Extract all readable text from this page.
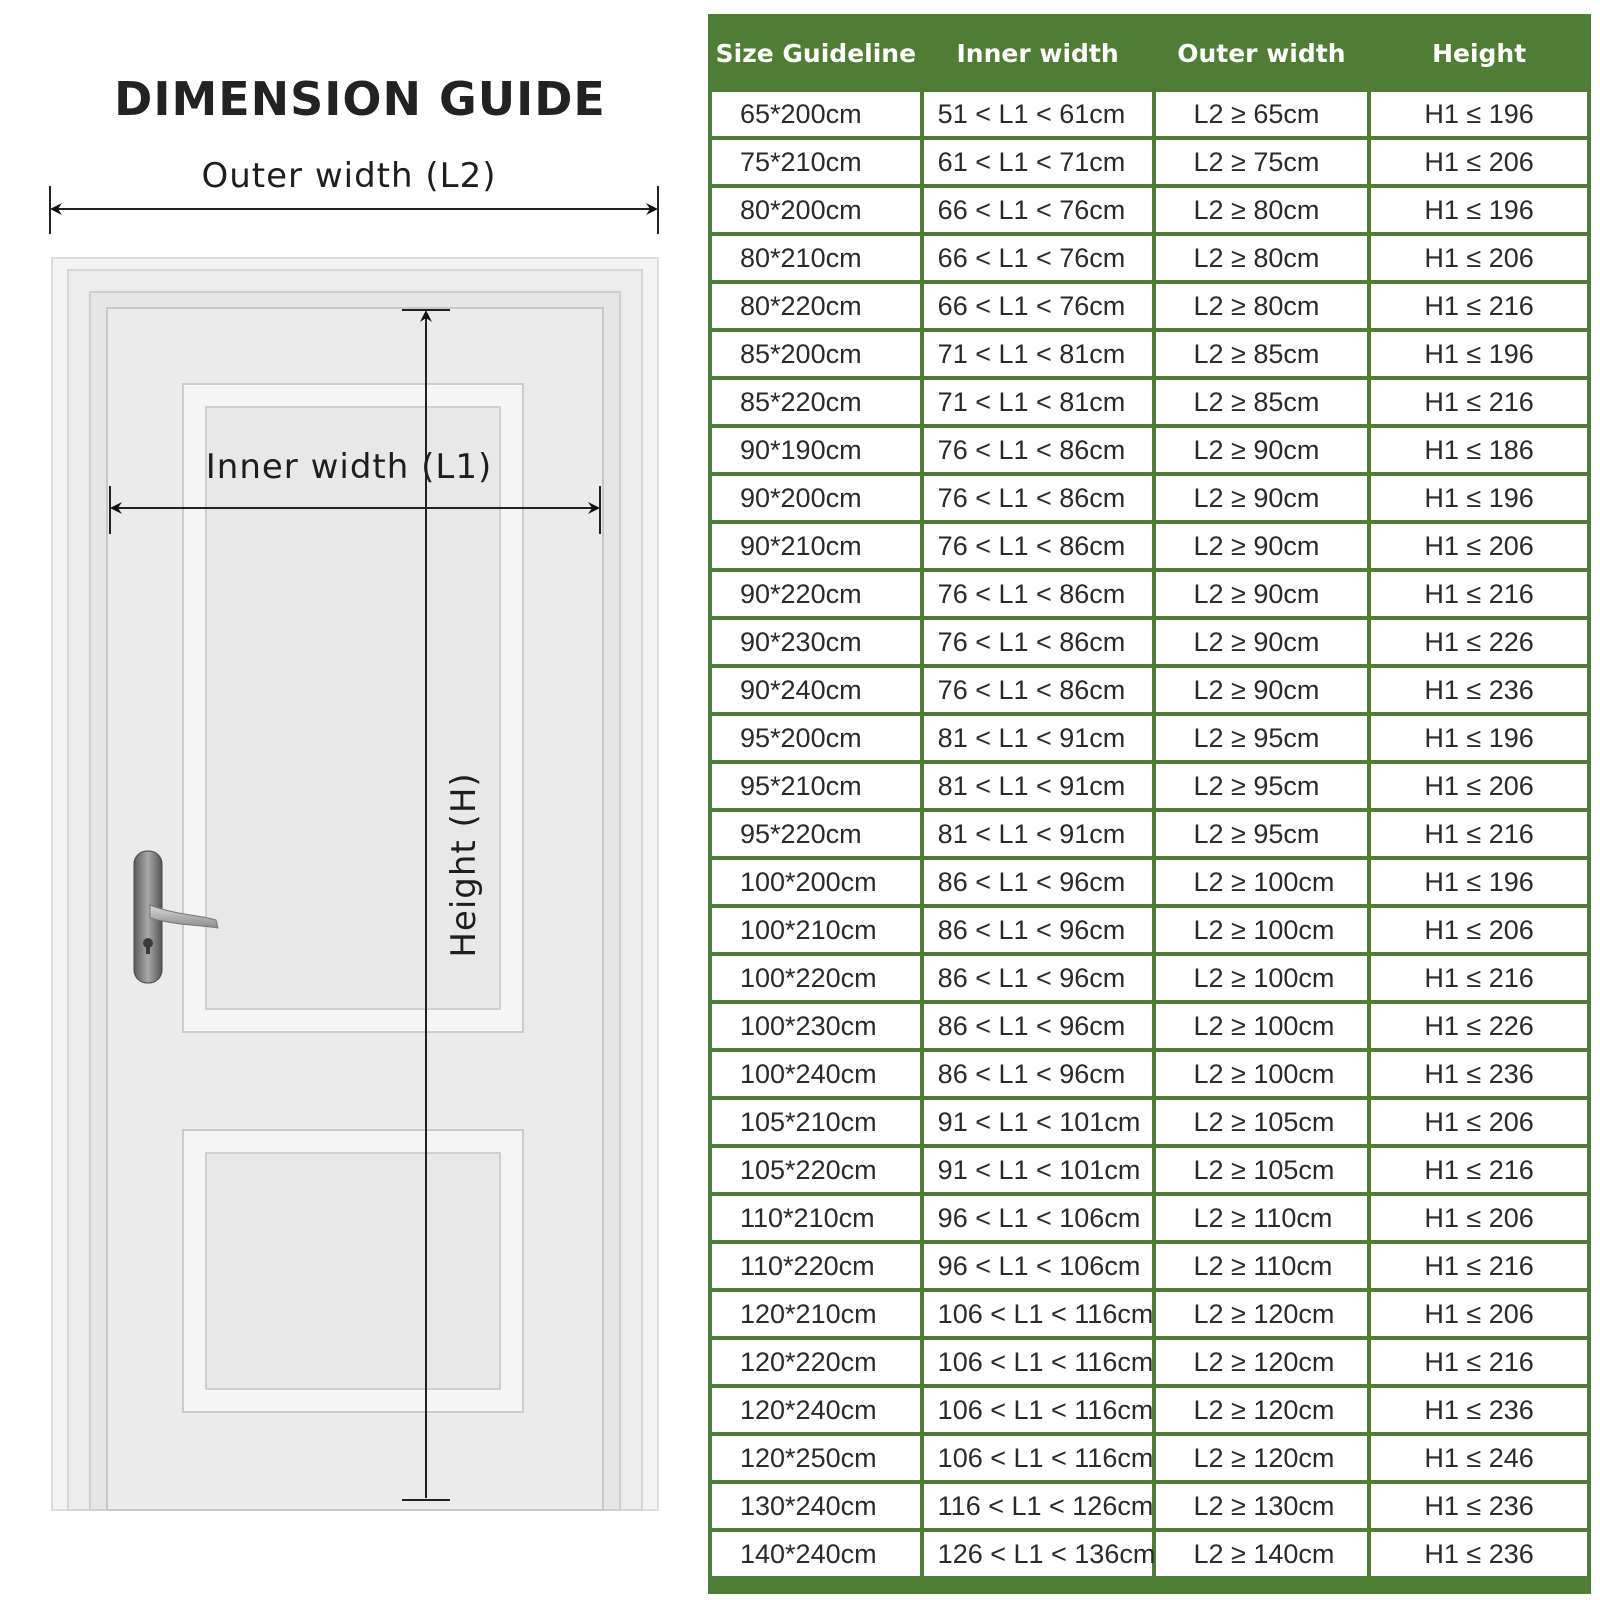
DIMENSION GUIDE
Outer width (L2)
Inner width (L1)
Height (H)
Size Guideline	Inner width	Outer width	Height
65*200cm	51 < L1 < 61cm	L2 ≥ 65cm	H1 ≤ 196
75*210cm	61 < L1 < 71cm	L2 ≥ 75cm	H1 ≤ 206
80*200cm	66 < L1 < 76cm	L2 ≥ 80cm	H1 ≤ 196
80*210cm	66 < L1 < 76cm	L2 ≥ 80cm	H1 ≤ 206
80*220cm	66 < L1 < 76cm	L2 ≥ 80cm	H1 ≤ 216
85*200cm	71 < L1 < 81cm	L2 ≥ 85cm	H1 ≤ 196
85*220cm	71 < L1 < 81cm	L2 ≥ 85cm	H1 ≤ 216
90*190cm	76 < L1 < 86cm	L2 ≥ 90cm	H1 ≤ 186
90*200cm	76 < L1 < 86cm	L2 ≥ 90cm	H1 ≤ 196
90*210cm	76 < L1 < 86cm	L2 ≥ 90cm	H1 ≤ 206
90*220cm	76 < L1 < 86cm	L2 ≥ 90cm	H1 ≤ 216
90*230cm	76 < L1 < 86cm	L2 ≥ 90cm	H1 ≤ 226
90*240cm	76 < L1 < 86cm	L2 ≥ 90cm	H1 ≤ 236
95*200cm	81 < L1 < 91cm	L2 ≥ 95cm	H1 ≤ 196
95*210cm	81 < L1 < 91cm	L2 ≥ 95cm	H1 ≤ 206
95*220cm	81 < L1 < 91cm	L2 ≥ 95cm	H1 ≤ 216
100*200cm	86 < L1 < 96cm	L2 ≥ 100cm	H1 ≤ 196
100*210cm	86 < L1 < 96cm	L2 ≥ 100cm	H1 ≤ 206
100*220cm	86 < L1 < 96cm	L2 ≥ 100cm	H1 ≤ 216
100*230cm	86 < L1 < 96cm	L2 ≥ 100cm	H1 ≤ 226
100*240cm	86 < L1 < 96cm	L2 ≥ 100cm	H1 ≤ 236
105*210cm	91 < L1 < 101cm	L2 ≥ 105cm	H1 ≤ 206
105*220cm	91 < L1 < 101cm	L2 ≥ 105cm	H1 ≤ 216
110*210cm	96 < L1 < 106cm	L2 ≥ 110cm	H1 ≤ 206
110*220cm	96 < L1 < 106cm	L2 ≥ 110cm	H1 ≤ 216
120*210cm	106 < L1 < 116cm	L2 ≥ 120cm	H1 ≤ 206
120*220cm	106 < L1 < 116cm	L2 ≥ 120cm	H1 ≤ 216
120*240cm	106 < L1 < 116cm	L2 ≥ 120cm	H1 ≤ 236
120*250cm	106 < L1 < 116cm	L2 ≥ 120cm	H1 ≤ 246
130*240cm	116 < L1 < 126cm	L2 ≥ 130cm	H1 ≤ 236
140*240cm	126 < L1 < 136cm	L2 ≥ 140cm	H1 ≤ 236
